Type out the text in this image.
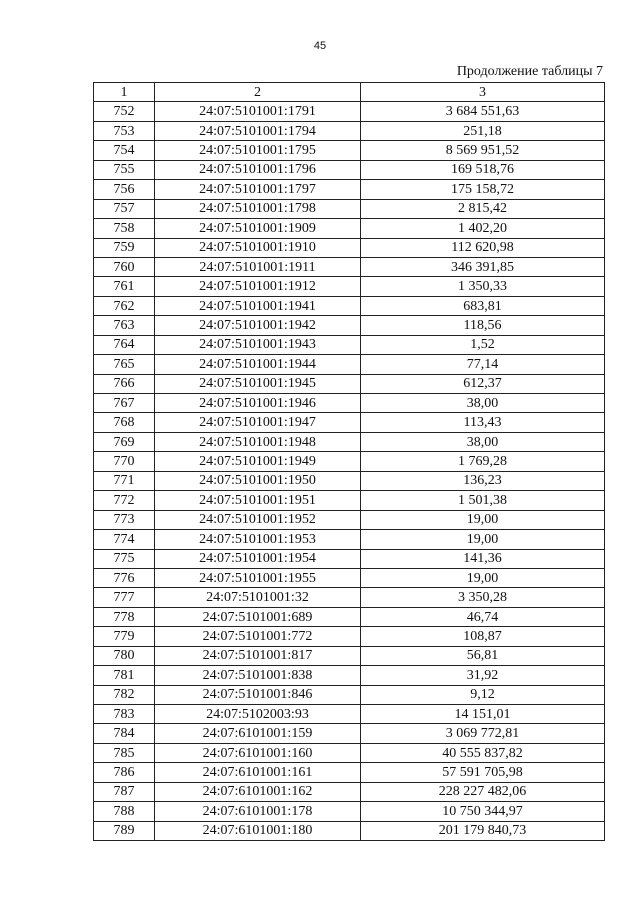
45
Продолжение таблицы 7
1	2	3
752	24:07:5101001:1791	3 684 551,63
753	24:07:5101001:1794	251,18
754	24:07:5101001:1795	8 569 951,52
755	24:07:5101001:1796	169 518,76
756	24:07:5101001:1797	175 158,72
757	24:07:5101001:1798	2 815,42
758	24:07:5101001:1909	1 402,20
759	24:07:5101001:1910	112 620,98
760	24:07:5101001:1911	346 391,85
761	24:07:5101001:1912	1 350,33
762	24:07:5101001:1941	683,81
763	24:07:5101001:1942	118,56
764	24:07:5101001:1943	1,52
765	24:07:5101001:1944	77,14
766	24:07:5101001:1945	612,37
767	24:07:5101001:1946	38,00
768	24:07:5101001:1947	113,43
769	24:07:5101001:1948	38,00
770	24:07:5101001:1949	1 769,28
771	24:07:5101001:1950	136,23
772	24:07:5101001:1951	1 501,38
773	24:07:5101001:1952	19,00
774	24:07:5101001:1953	19,00
775	24:07:5101001:1954	141,36
776	24:07:5101001:1955	19,00
777	24:07:5101001:32	3 350,28
778	24:07:5101001:689	46,74
779	24:07:5101001:772	108,87
780	24:07:5101001:817	56,81
781	24:07:5101001:838	31,92
782	24:07:5101001:846	9,12
783	24:07:5102003:93	14 151,01
784	24:07:6101001:159	3 069 772,81
785	24:07:6101001:160	40 555 837,82
786	24:07:6101001:161	57 591 705,98
787	24:07:6101001:162	228 227 482,06
788	24:07:6101001:178	10 750 344,97
789	24:07:6101001:180	201 179 840,73
